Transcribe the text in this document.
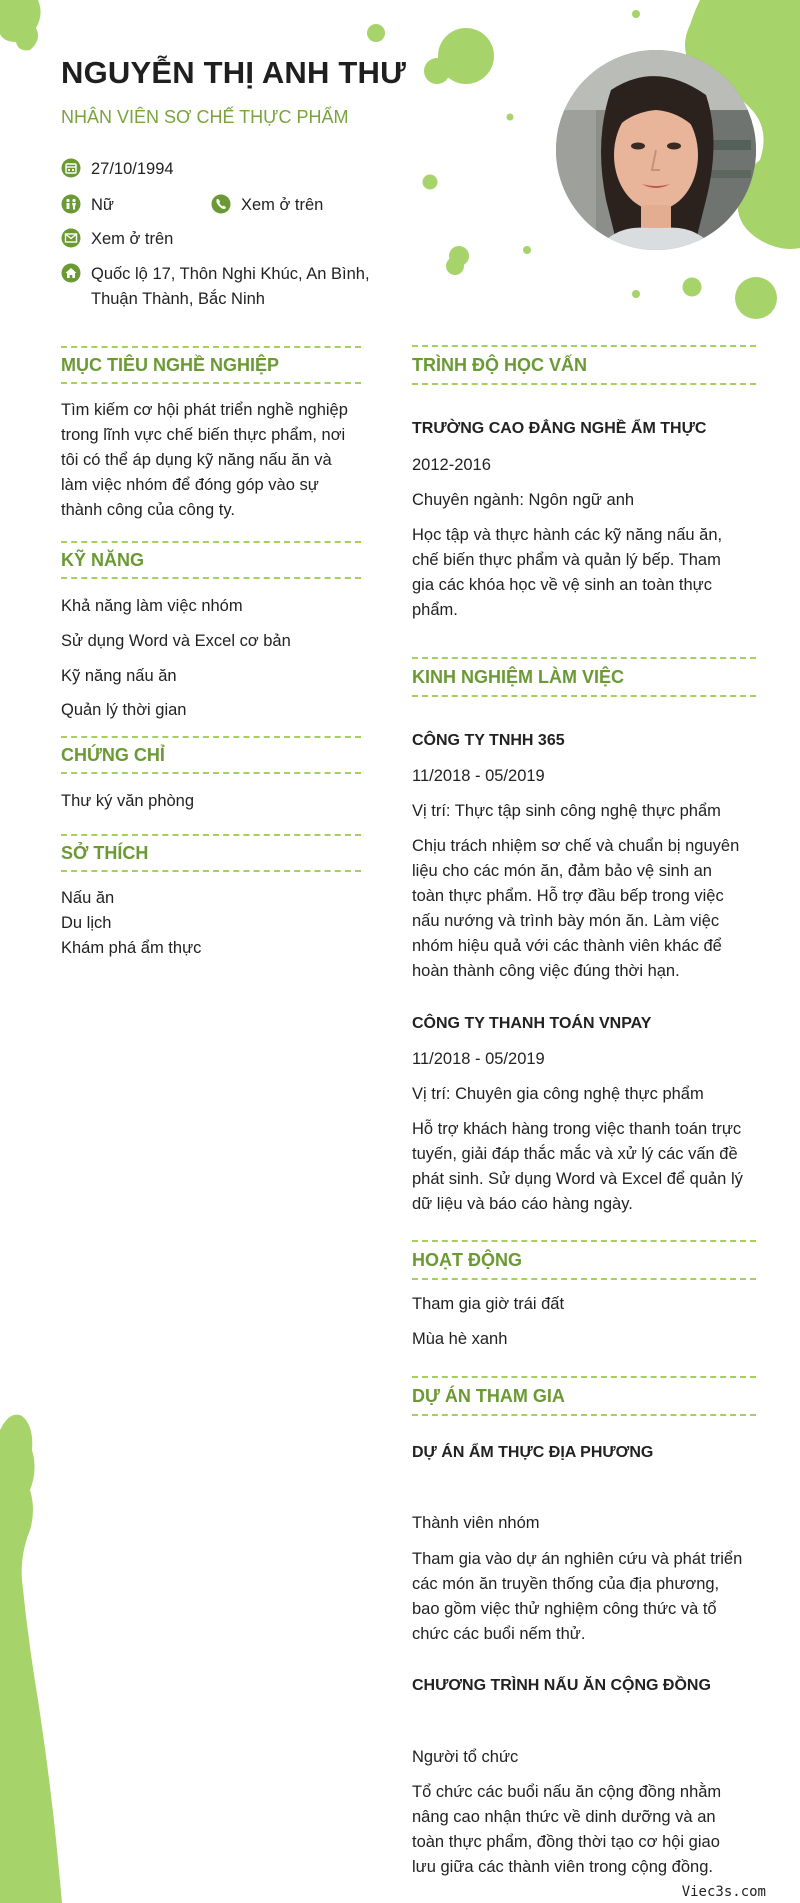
NGUYỄN THỊ ANH THƯ
NHÂN VIÊN SƠ CHẾ THỰC PHẨM
27/10/1994
Nữ	Xem ở trên
Xem ở trên
Quốc lộ 17, Thôn Nghi Khúc, An Bình,
Thuận Thành, Bắc Ninh
MỤC TIÊU NGHỀ NGHIỆP
Tìm kiếm cơ hội phát triển nghề nghiệp
trong lĩnh vực chế biến thực phẩm, nơi
tôi có thể áp dụng kỹ năng nấu ăn và
làm việc nhóm để đóng góp vào sự
thành công của công ty.
KỸ NĂNG
Khả năng làm việc nhóm
Sử dụng Word và Excel cơ bản
Kỹ năng nấu ăn
Quản lý thời gian
CHỨNG CHỈ
Thư ký văn phòng
SỞ THÍCH
Nấu ăn
Du lịch
Khám phá ẩm thực
TRÌNH ĐỘ HỌC VẤN
TRƯỜNG CAO ĐẲNG NGHỀ ẨM THỰC
2012-2016
Chuyên ngành: Ngôn ngữ anh
Học tập và thực hành các kỹ năng nấu ăn,
chế biến thực phẩm và quản lý bếp. Tham
gia các khóa học về vệ sinh an toàn thực
phẩm.
KINH NGHIỆM LÀM VIỆC
CÔNG TY TNHH 365
11/2018 - 05/2019
Vị trí: Thực tập sinh công nghệ thực phẩm
Chịu trách nhiệm sơ chế và chuẩn bị nguyên
liệu cho các món ăn, đảm bảo vệ sinh an
toàn thực phẩm. Hỗ trợ đầu bếp trong việc
nấu nướng và trình bày món ăn. Làm việc
nhóm hiệu quả với các thành viên khác để
hoàn thành công việc đúng thời hạn.
CÔNG TY THANH TOÁN VNPAY
11/2018 - 05/2019
Vị trí: Chuyên gia công nghệ thực phẩm
Hỗ trợ khách hàng trong việc thanh toán trực
tuyến, giải đáp thắc mắc và xử lý các vấn đề
phát sinh. Sử dụng Word và Excel để quản lý
dữ liệu và báo cáo hàng ngày.
HOẠT ĐỘNG
Tham gia giờ trái đất
Mùa hè xanh
DỰ ÁN THAM GIA
DỰ ÁN ẨM THỰC ĐỊA PHƯƠNG
Thành viên nhóm
Tham gia vào dự án nghiên cứu và phát triển
các món ăn truyền thống của địa phương,
bao gồm việc thử nghiệm công thức và tổ
chức các buổi nếm thử.
CHƯƠNG TRÌNH NẤU ĂN CỘNG ĐỒNG
Người tổ chức
Tổ chức các buổi nấu ăn cộng đồng nhằm
nâng cao nhận thức về dinh dưỡng và an
toàn thực phẩm, đồng thời tạo cơ hội giao
lưu giữa các thành viên trong cộng đồng.
Viec3s.com
